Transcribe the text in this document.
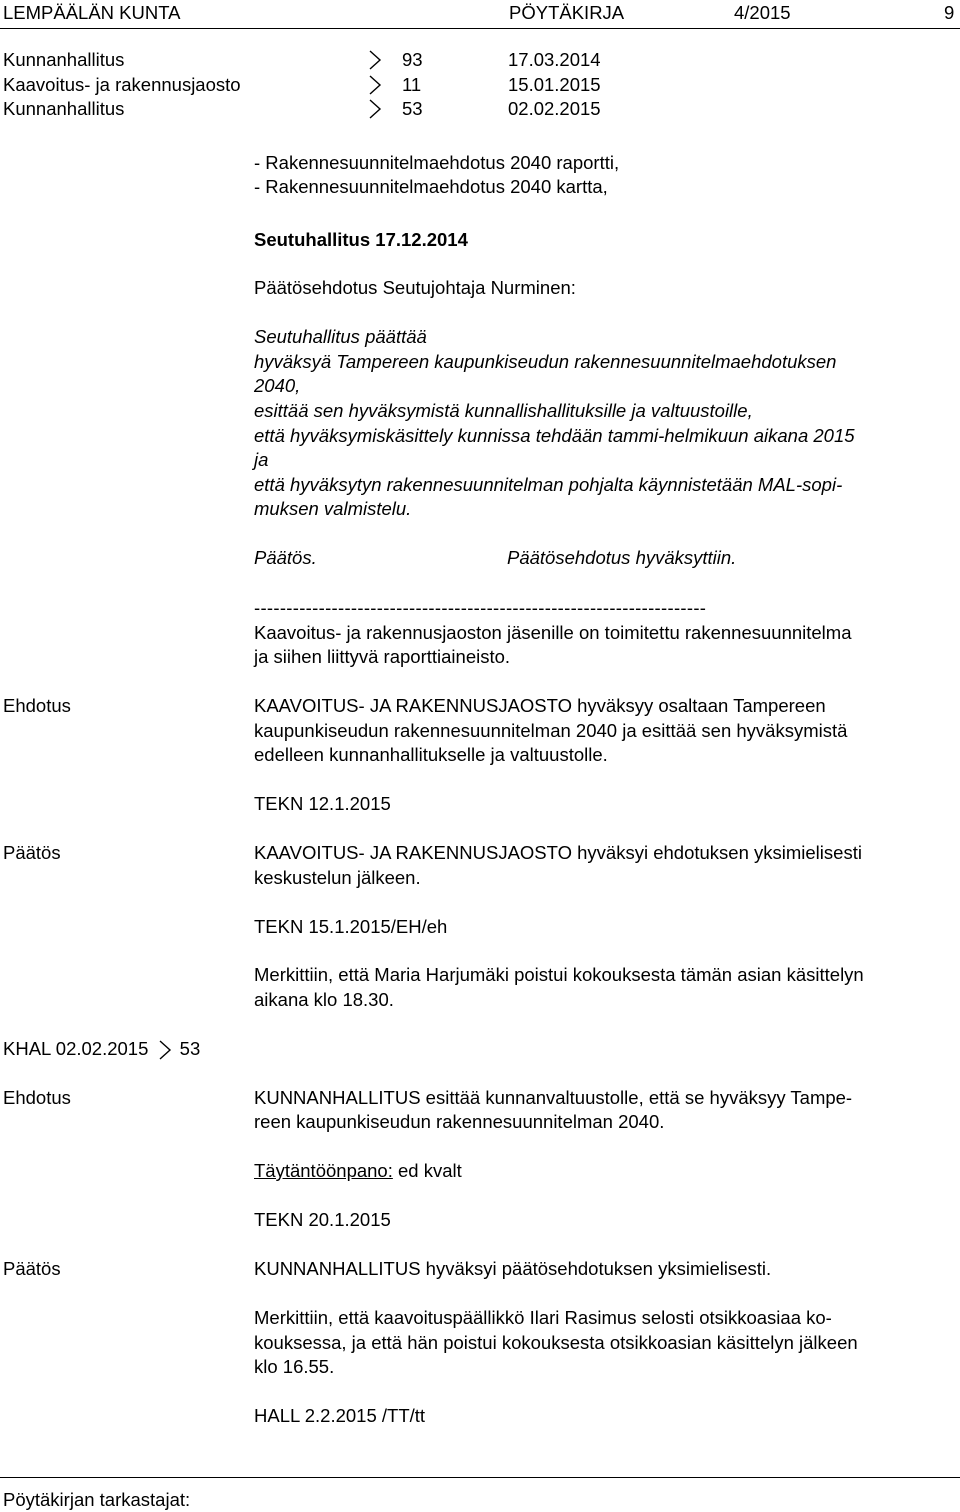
LEMPÄÄLÄN KUNTA	PÖYTÄKIRJA	4/2015	9
Kunnanhallitus	93	17.03.2014
Kaavoitus- ja rakennusjaosto	11	15.01.2015
Kunnanhallitus	53	02.02.2015
- Rakennesuunnitelmaehdotus 2040 raportti,
- Rakennesuunnitelmaehdotus 2040 kartta,
Seutuhallitus 17.12.2014
Päätösehdotus Seutujohtaja Nurminen:
Seutuhallitus päättää
hyväksyä Tampereen kaupunkiseudun rakennesuunnitelmaehdotuksen
2040,
esittää sen hyväksymistä kunnallishallituksille ja valtuustoille,
että hyväksymiskäsittely kunnissa tehdään tammi-helmikuun aikana 2015
ja
että hyväksytyn rakennesuunnitelman pohjalta käynnistetään MAL-sopi-
muksen valmistelu.
Päätös.	Päätösehdotus hyväksyttiin.
----------------------------------------------------------------------
Kaavoitus- ja rakennusjaoston jäsenille on toimitettu rakennesuunnitelma
ja siihen liittyvä raporttiaineisto.
Ehdotus	KAAVOITUS- JA RAKENNUSJAOSTO hyväksyy osaltaan Tampereen
kaupunkiseudun rakennesuunnitelman 2040 ja esittää sen hyväksymistä
edelleen kunnanhallitukselle ja valtuustolle.
TEKN 12.1.2015
Päätös	KAAVOITUS- JA RAKENNUSJAOSTO hyväksyi ehdotuksen yksimielisesti
keskustelun jälkeen.
TEKN 15.1.2015/EH/eh
Merkittiin, että Maria Harjumäki poistui kokouksesta tämän asian käsittelyn
aikana klo 18.30.
KHAL 02.02.2015 53
Ehdotus	KUNNANHALLITUS esittää kunnanvaltuustolle, että se hyväksyy Tampe-
reen kaupunkiseudun rakennesuunnitelman 2040.
Täytäntöönpano: ed kvalt
TEKN 20.1.2015
Päätös	KUNNANHALLITUS hyväksyi päätösehdotuksen yksimielisesti.
Merkittiin, että kaavoituspäällikkö Ilari Rasimus selosti otsikkoasiaa ko-
kouksessa, ja että hän poistui kokouksesta otsikkoasian käsittelyn jälkeen
klo 16.55.
HALL 2.2.2015 /TT/tt
Pöytäkirjan tarkastajat:
